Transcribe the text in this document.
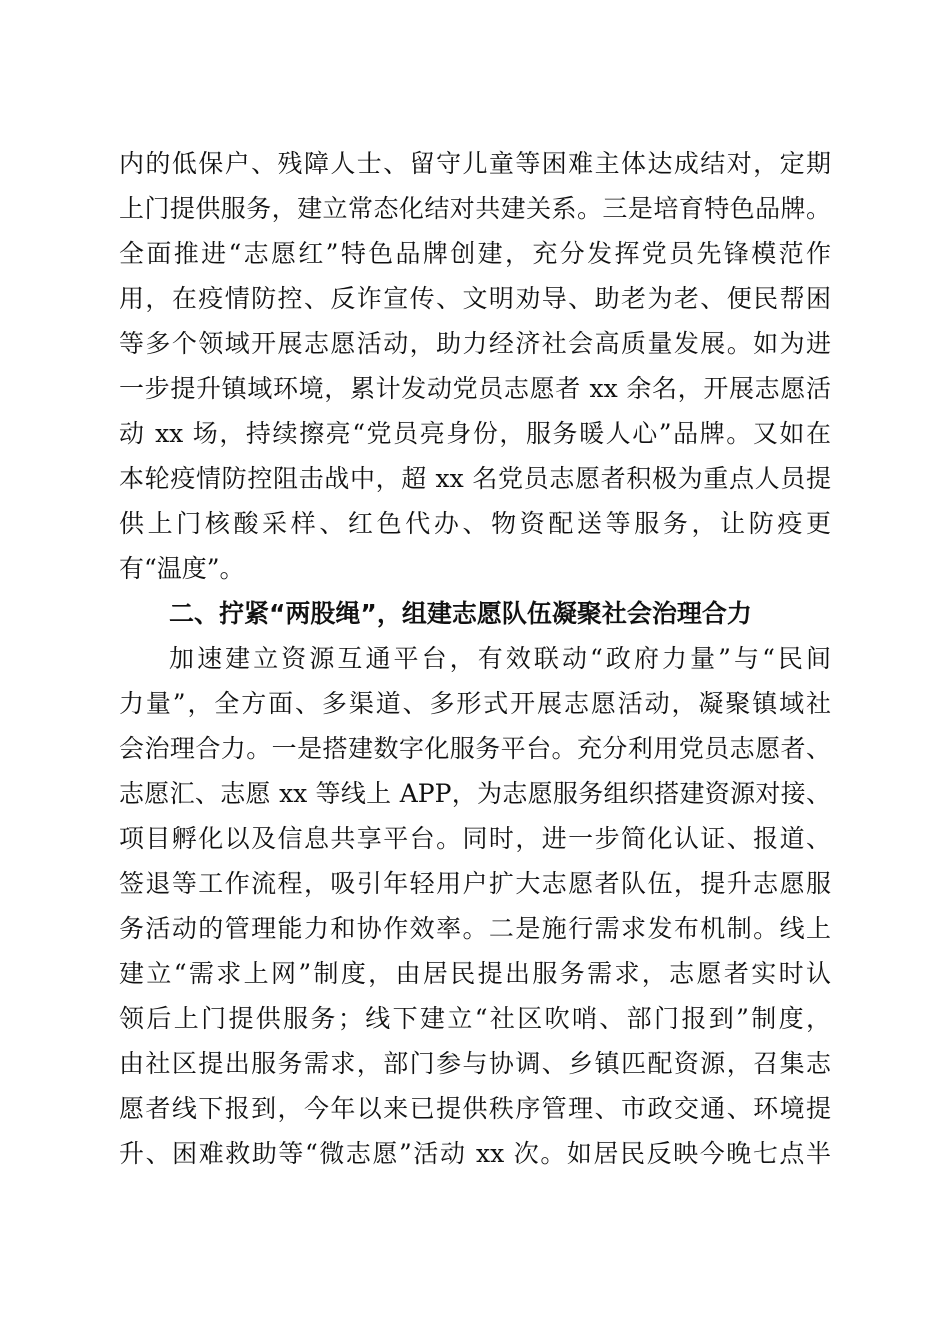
内的低保户、残障人士、留守儿童等困难主体达成结对，定期
上门提供服务，建立常态化结对共建关系。三是培育特色品牌。
全面推进“志愿红”特色品牌创建，充分发挥党员先锋模范作
用，在疫情防控、反诈宣传、文明劝导、助老为老、便民帮困
等多个领域开展志愿活动，助力经济社会高质量发展。如为进
一步提升镇域环境，累计发动党员志愿者 xx 余名，开展志愿活
动 xx 场，持续擦亮“党员亮身份，服务暖人心”品牌。又如在
本轮疫情防控阻击战中，超 xx 名党员志愿者积极为重点人员提
供上门核酸采样、红色代办、物资配送等服务，让防疫更
有“温度”。
二、拧紧“两股绳”，组建志愿队伍凝聚社会治理合力
加速建立资源互通平台，有效联动“政府力量”与“民间
力量”，全方面、多渠道、多形式开展志愿活动，凝聚镇域社
会治理合力。一是搭建数字化服务平台。充分利用党员志愿者、
志愿汇、志愿 xx 等线上 APP，为志愿服务组织搭建资源对接、
项目孵化以及信息共享平台。同时，进一步简化认证、报道、
签退等工作流程，吸引年轻用户扩大志愿者队伍，提升志愿服
务活动的管理能力和协作效率。二是施行需求发布机制。线上
建立“需求上网”制度，由居民提出服务需求，志愿者实时认
领后上门提供服务；线下建立“社区吹哨、部门报到”制度，
由社区提出服务需求，部门参与协调、乡镇匹配资源，召集志
愿者线下报到，今年以来已提供秩序管理、市政交通、环境提
升、困难救助等“微志愿”活动 xx 次。如居民反映今晚七点半
